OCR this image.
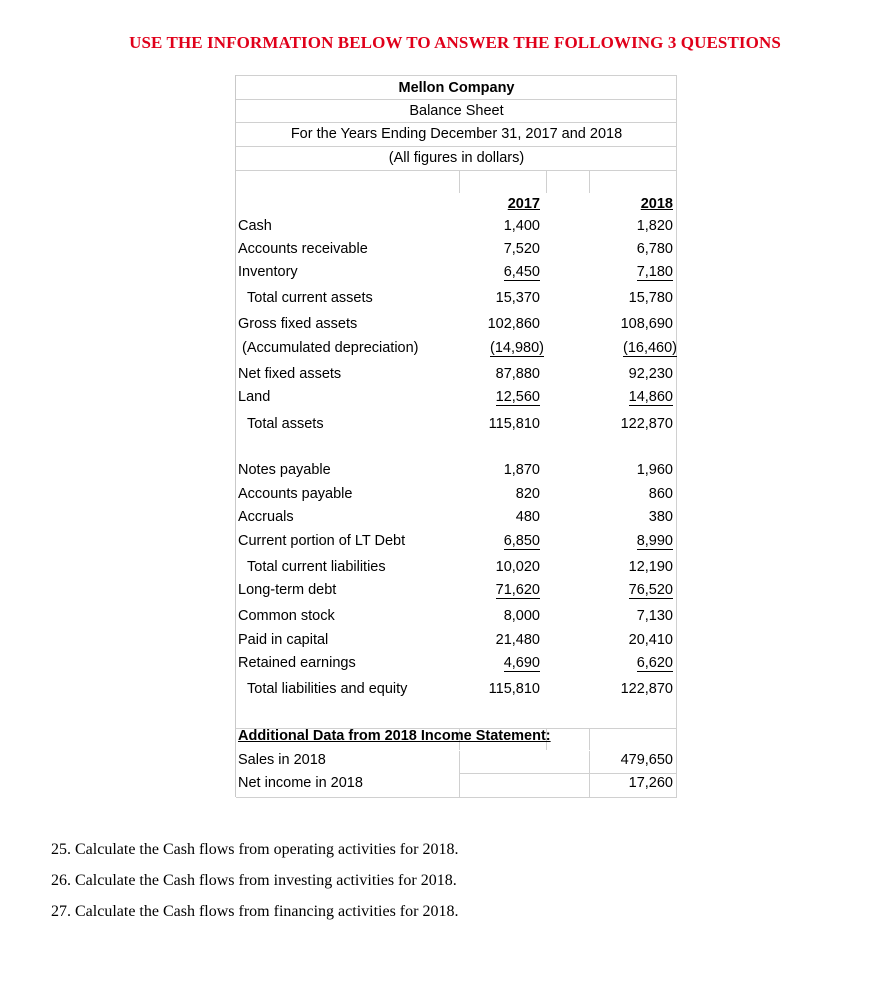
USE THE INFORMATION BELOW TO ANSWER THE FOLLOWING 3 QUESTIONS
Mellon Company
Balance Sheet
For the Years Ending December 31, 2017 and 2018
(All figures in dollars)
2017	2018
Cash	1,400	1,820
Accounts receivable	7,520	6,780
Inventory	6,450	7,180
Total current assets	15,370	15,780
Gross fixed assets	102,860	108,690
(Accumulated depreciation)	(14,980)	(16,460)
Net fixed assets	87,880	92,230
Land	12,560	14,860
Total assets	115,810	122,870
Notes payable	1,870	1,960
Accounts payable	820	860
Accruals	480	380
Current portion of LT Debt	6,850	8,990
Total current liabilities	10,020	12,190
Long-term debt	71,620	76,520
Common stock	8,000	7,130
Paid in capital	21,480	20,410
Retained earnings	4,690	6,620
Total liabilities and equity	115,810	122,870
Additional Data from 2018 Income Statement:
Sales in 2018	479,650
Net income in 2018	17,260
25. Calculate the Cash flows from operating activities for 2018.
26. Calculate the Cash flows from investing activities for 2018.
27. Calculate the Cash flows from financing activities for 2018.
